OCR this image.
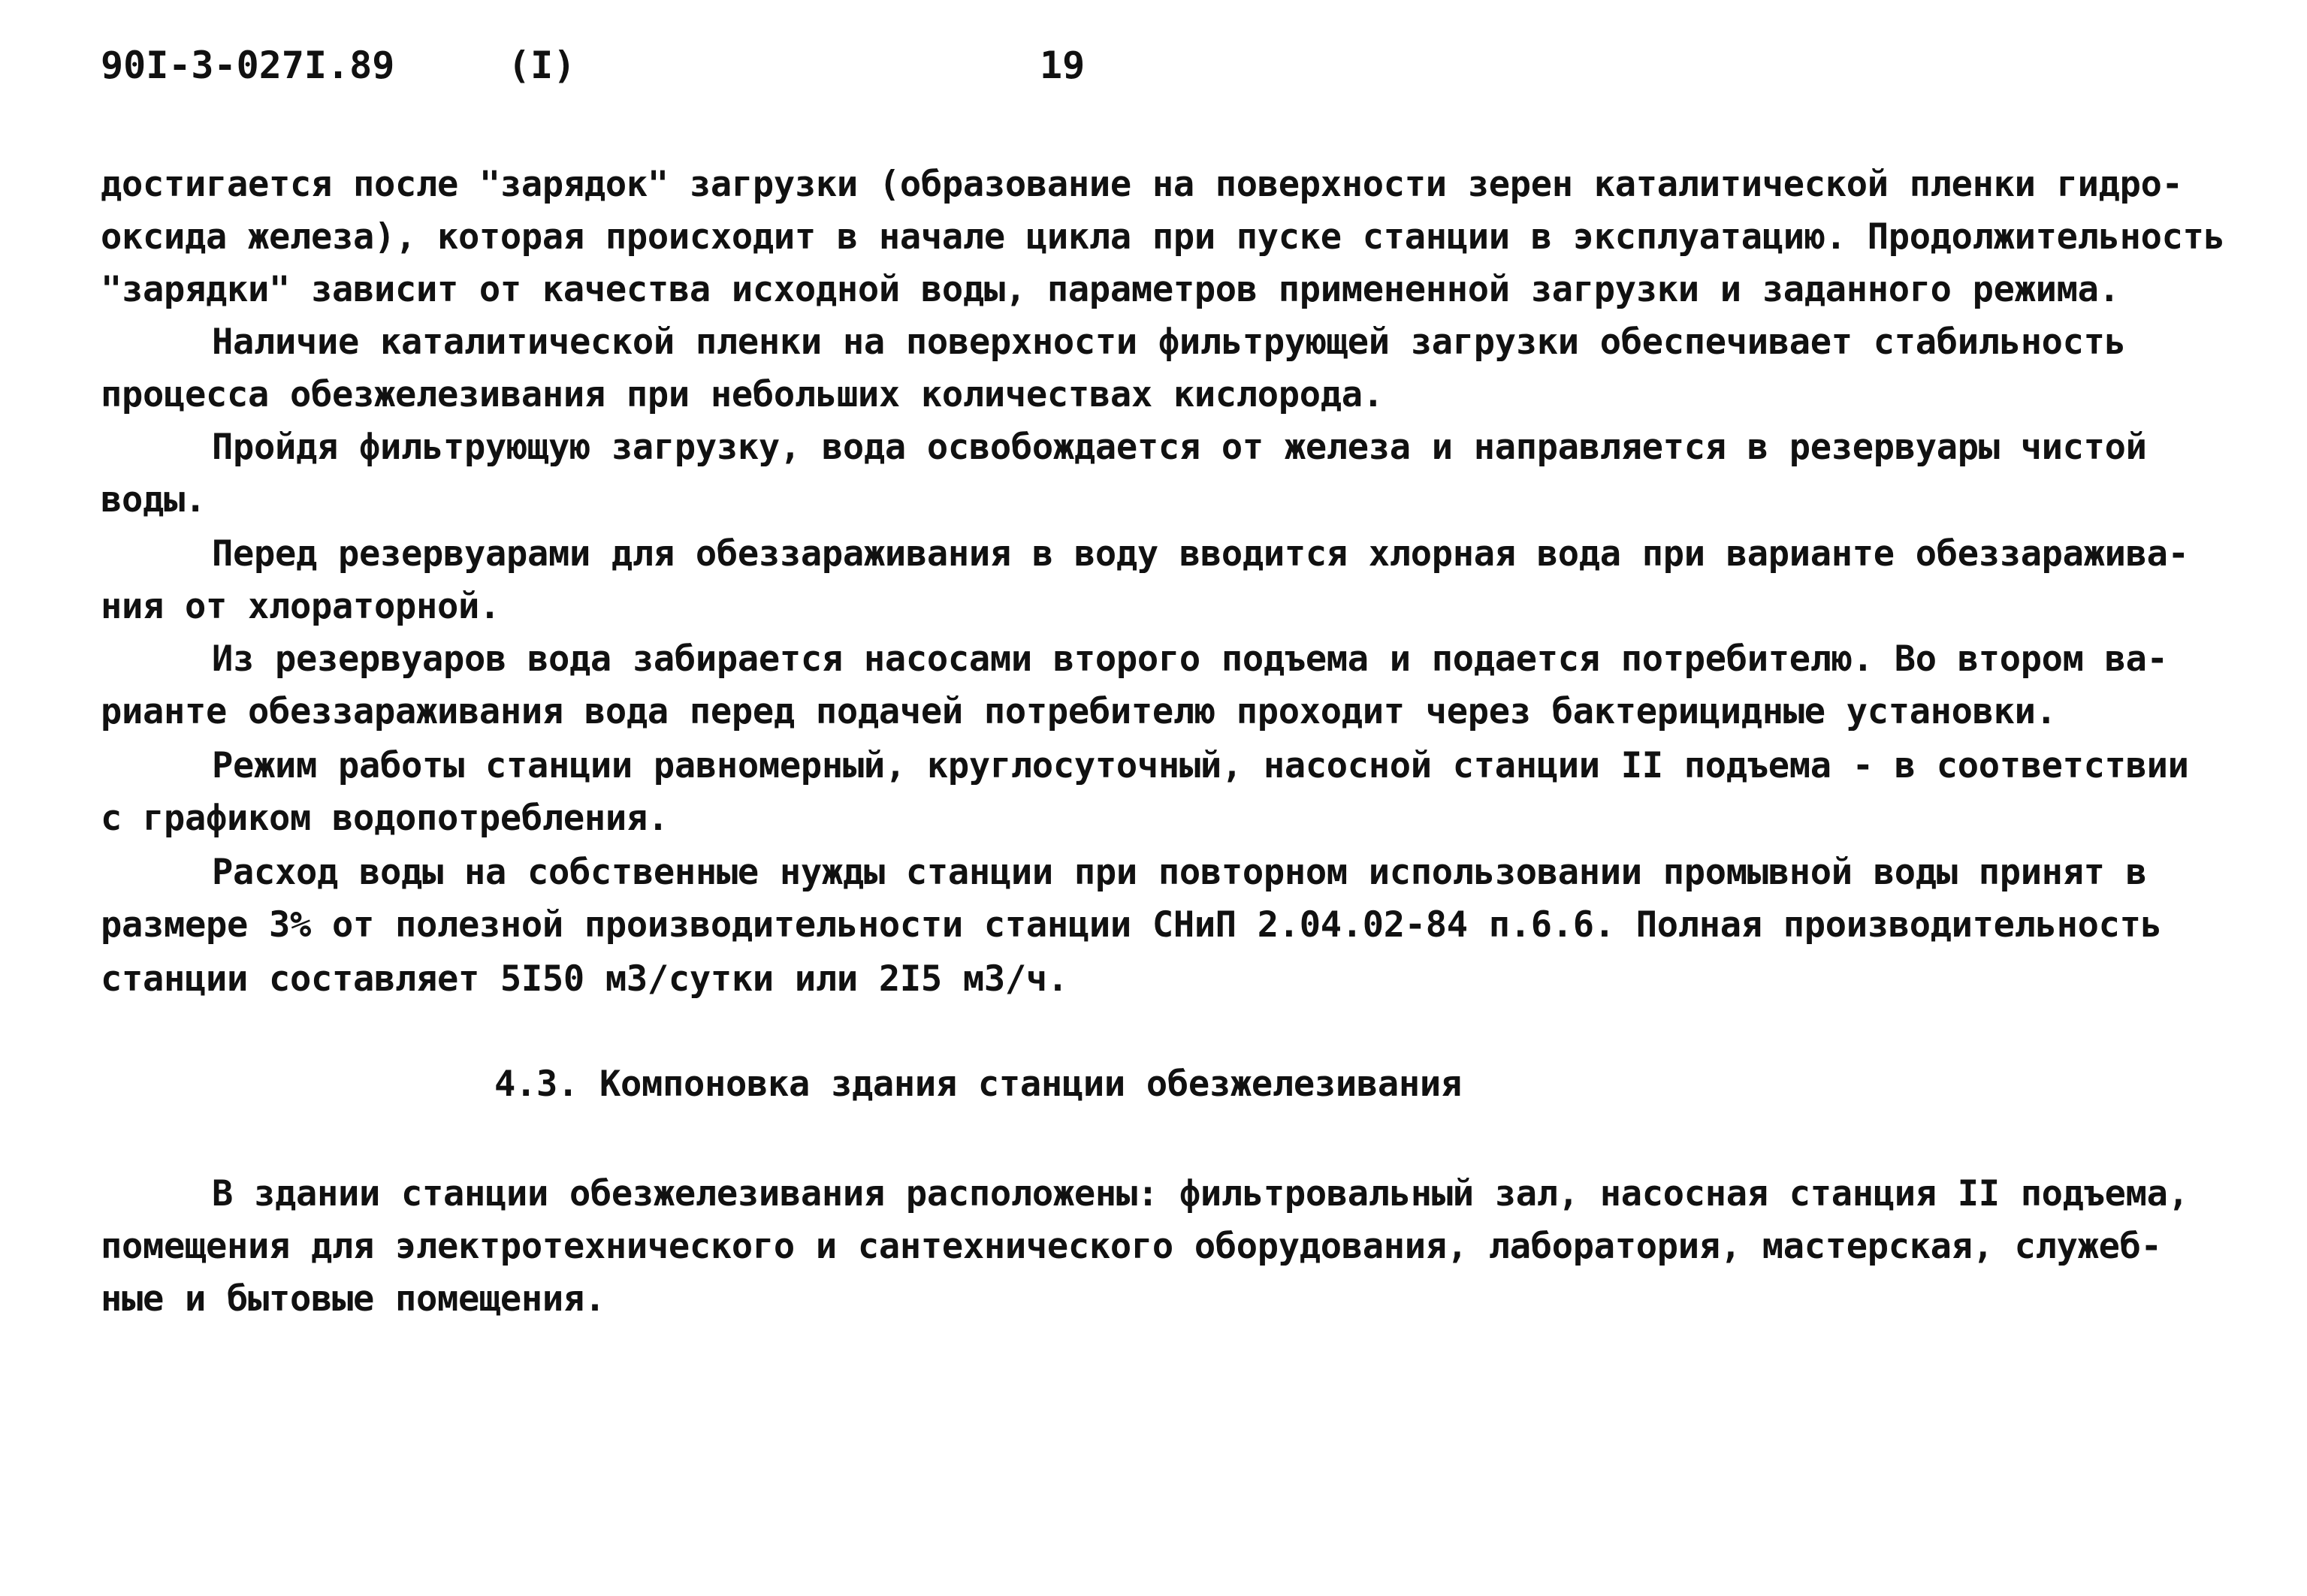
90I-3-027I.89	(I)	19
достигается после "зарядок" загрузки (образование на поверхности зерен каталитической пленки гидро-
оксида железа), которая происходит в начале цикла при пуске станции в эксплуатацию. Продолжительность
"зарядки" зависит от качества исходной воды, параметров примененной загрузки и заданного режима.
Наличие каталитической пленки на поверхности фильтрующей загрузки обеспечивает стабильность
процесса обезжелезивания при небольших количествах кислорода.
Пройдя фильтрующую загрузку, вода освобождается от железа и направляется в резервуары чистой
воды.
Перед резервуарами для обеззараживания в воду вводится хлорная вода при варианте обеззаражива-
ния от хлораторной.
Из резервуаров вода забирается насосами второго подъема и подается потребителю. Во втором ва-
рианте обеззараживания вода перед подачей потребителю проходит через бактерицидные установки.
Режим работы станции равномерный, круглосуточный, насосной станции II подъема - в соответствии
с графиком водопотребления.
Расход воды на собственные нужды станции при повторном использовании промывной воды принят в
размере 3% от полезной производительности станции СНиП 2.04.02-84 п.6.6. Полная производительность
станции составляет 5I50 м3/сутки или 2I5 м3/ч.
4.3. Компоновка здания станции обезжелезивания
В здании станции обезжелезивания расположены: фильтровальный зал, насосная станция II подъема,
помещения для электротехнического и сантехнического оборудования, лаборатория, мастерская, служеб-
ные и бытовые помещения.
